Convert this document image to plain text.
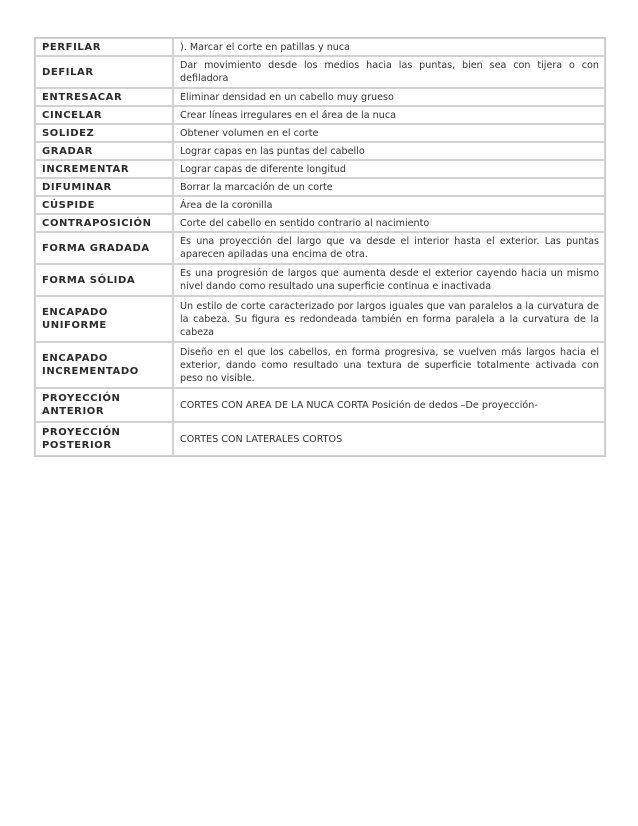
PERFILAR	). Marcar el corte en patillas y nuca
DEFILAR	Dar movimiento desde los medios hacia las puntas, bien sea con tijera o con defiladora
ENTRESACAR	Eliminar densidad en un cabello muy grueso
CINCELAR	Crear líneas irregulares en el área de la nuca
SOLIDEZ	Obtener volumen en el corte
GRADAR	Lograr capas en las puntas del cabello
INCREMENTAR	Lograr capas de diferente longitud
DIFUMINAR	Borrar la marcación de un corte
CÚSPIDE	Área de la coronilla
CONTRAPOSICIÓN	Corte del cabello en sentido contrario al nacimiento
FORMA GRADADA	Es una proyección del largo que va desde el interior hasta el exterior. Las puntas aparecen apiladas una encima de otra.
FORMA SÓLIDA	Es una progresión de largos que aumenta desde el exterior cayendo hacia un mismo nivel dando como resultado una superficie continua e inactivada
ENCAPADO UNIFORME	Un estilo de corte caracterizado por largos iguales que van paralelos a la curvatura de la cabeza. Su figura es redondeada también en forma paralela a la curvatura de la cabeza
ENCAPADO INCREMENTADO	Diseño en el que los cabellos, en forma progresiva, se vuelven más largos hacia el exterior, dando como resultado una textura de superficie totalmente activada con peso no visible.
PROYECCIÓN ANTERIOR	CORTES CON AREA DE LA NUCA CORTA Posición de dedos –De proyección-
PROYECCIÓN POSTERIOR	CORTES CON LATERALES CORTOS
